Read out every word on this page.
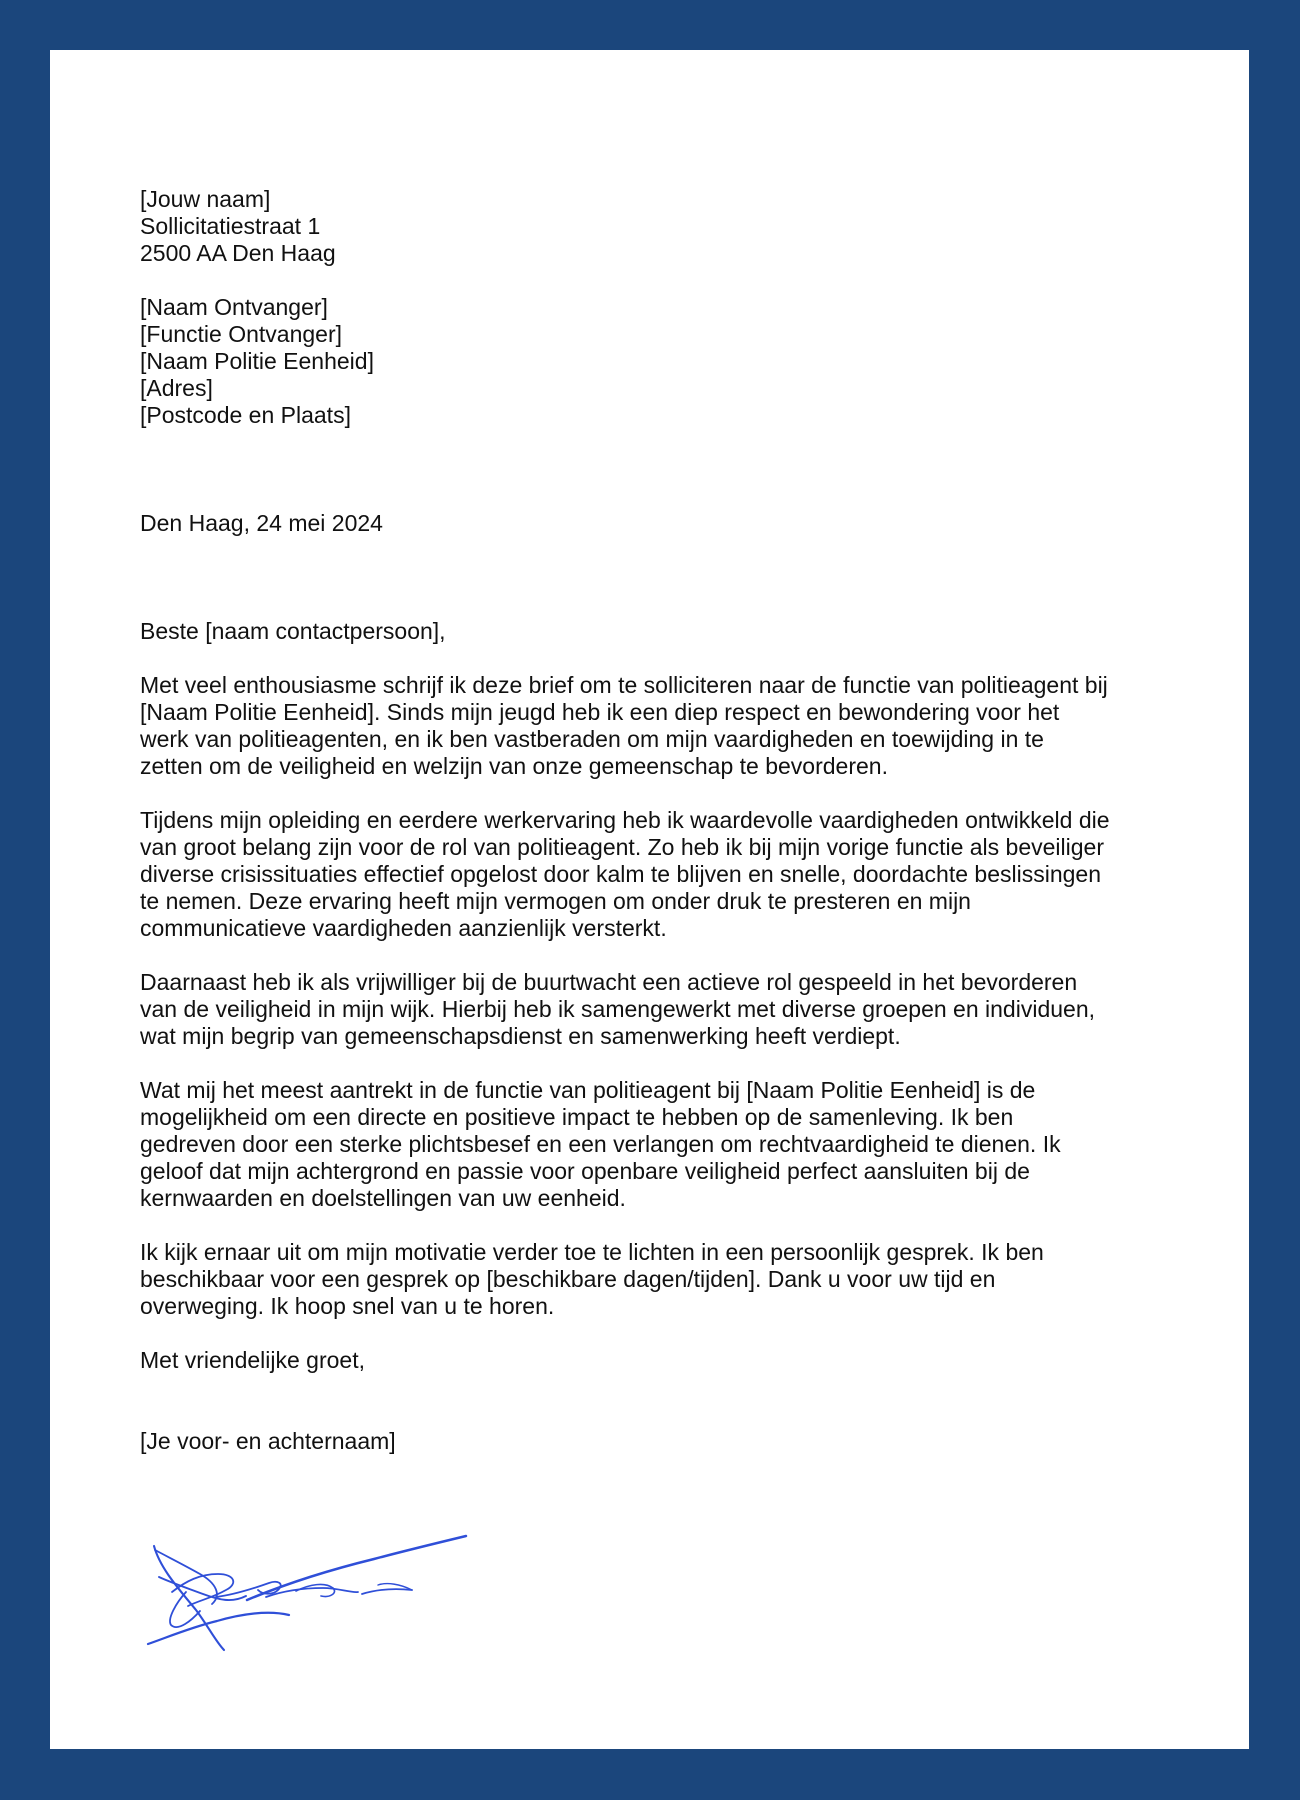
[Jouw naam]
Sollicitatiestraat 1
2500 AA Den Haag
[Naam Ontvanger]
[Functie Ontvanger]
[Naam Politie Eenheid]
[Adres]
[Postcode en Plaats]
Den Haag, 24 mei 2024
Beste [naam contactpersoon],
Met veel enthousiasme schrijf ik deze brief om te solliciteren naar de functie van politieagent bij
[Naam Politie Eenheid]. Sinds mijn jeugd heb ik een diep respect en bewondering voor het
werk van politieagenten, en ik ben vastberaden om mijn vaardigheden en toewijding in te
zetten om de veiligheid en welzijn van onze gemeenschap te bevorderen.
Tijdens mijn opleiding en eerdere werkervaring heb ik waardevolle vaardigheden ontwikkeld die
van groot belang zijn voor de rol van politieagent. Zo heb ik bij mijn vorige functie als beveiliger
diverse crisissituaties effectief opgelost door kalm te blijven en snelle, doordachte beslissingen
te nemen. Deze ervaring heeft mijn vermogen om onder druk te presteren en mijn
communicatieve vaardigheden aanzienlijk versterkt.
Daarnaast heb ik als vrijwilliger bij de buurtwacht een actieve rol gespeeld in het bevorderen
van de veiligheid in mijn wijk. Hierbij heb ik samengewerkt met diverse groepen en individuen,
wat mijn begrip van gemeenschapsdienst en samenwerking heeft verdiept.
Wat mij het meest aantrekt in de functie van politieagent bij [Naam Politie Eenheid] is de
mogelijkheid om een directe en positieve impact te hebben op de samenleving. Ik ben
gedreven door een sterke plichtsbesef en een verlangen om rechtvaardigheid te dienen. Ik
geloof dat mijn achtergrond en passie voor openbare veiligheid perfect aansluiten bij de
kernwaarden en doelstellingen van uw eenheid.
Ik kijk ernaar uit om mijn motivatie verder toe te lichten in een persoonlijk gesprek. Ik ben
beschikbaar voor een gesprek op [beschikbare dagen/tijden]. Dank u voor uw tijd en
overweging. Ik hoop snel van u te horen.
Met vriendelijke groet,
[Je voor- en achternaam]
